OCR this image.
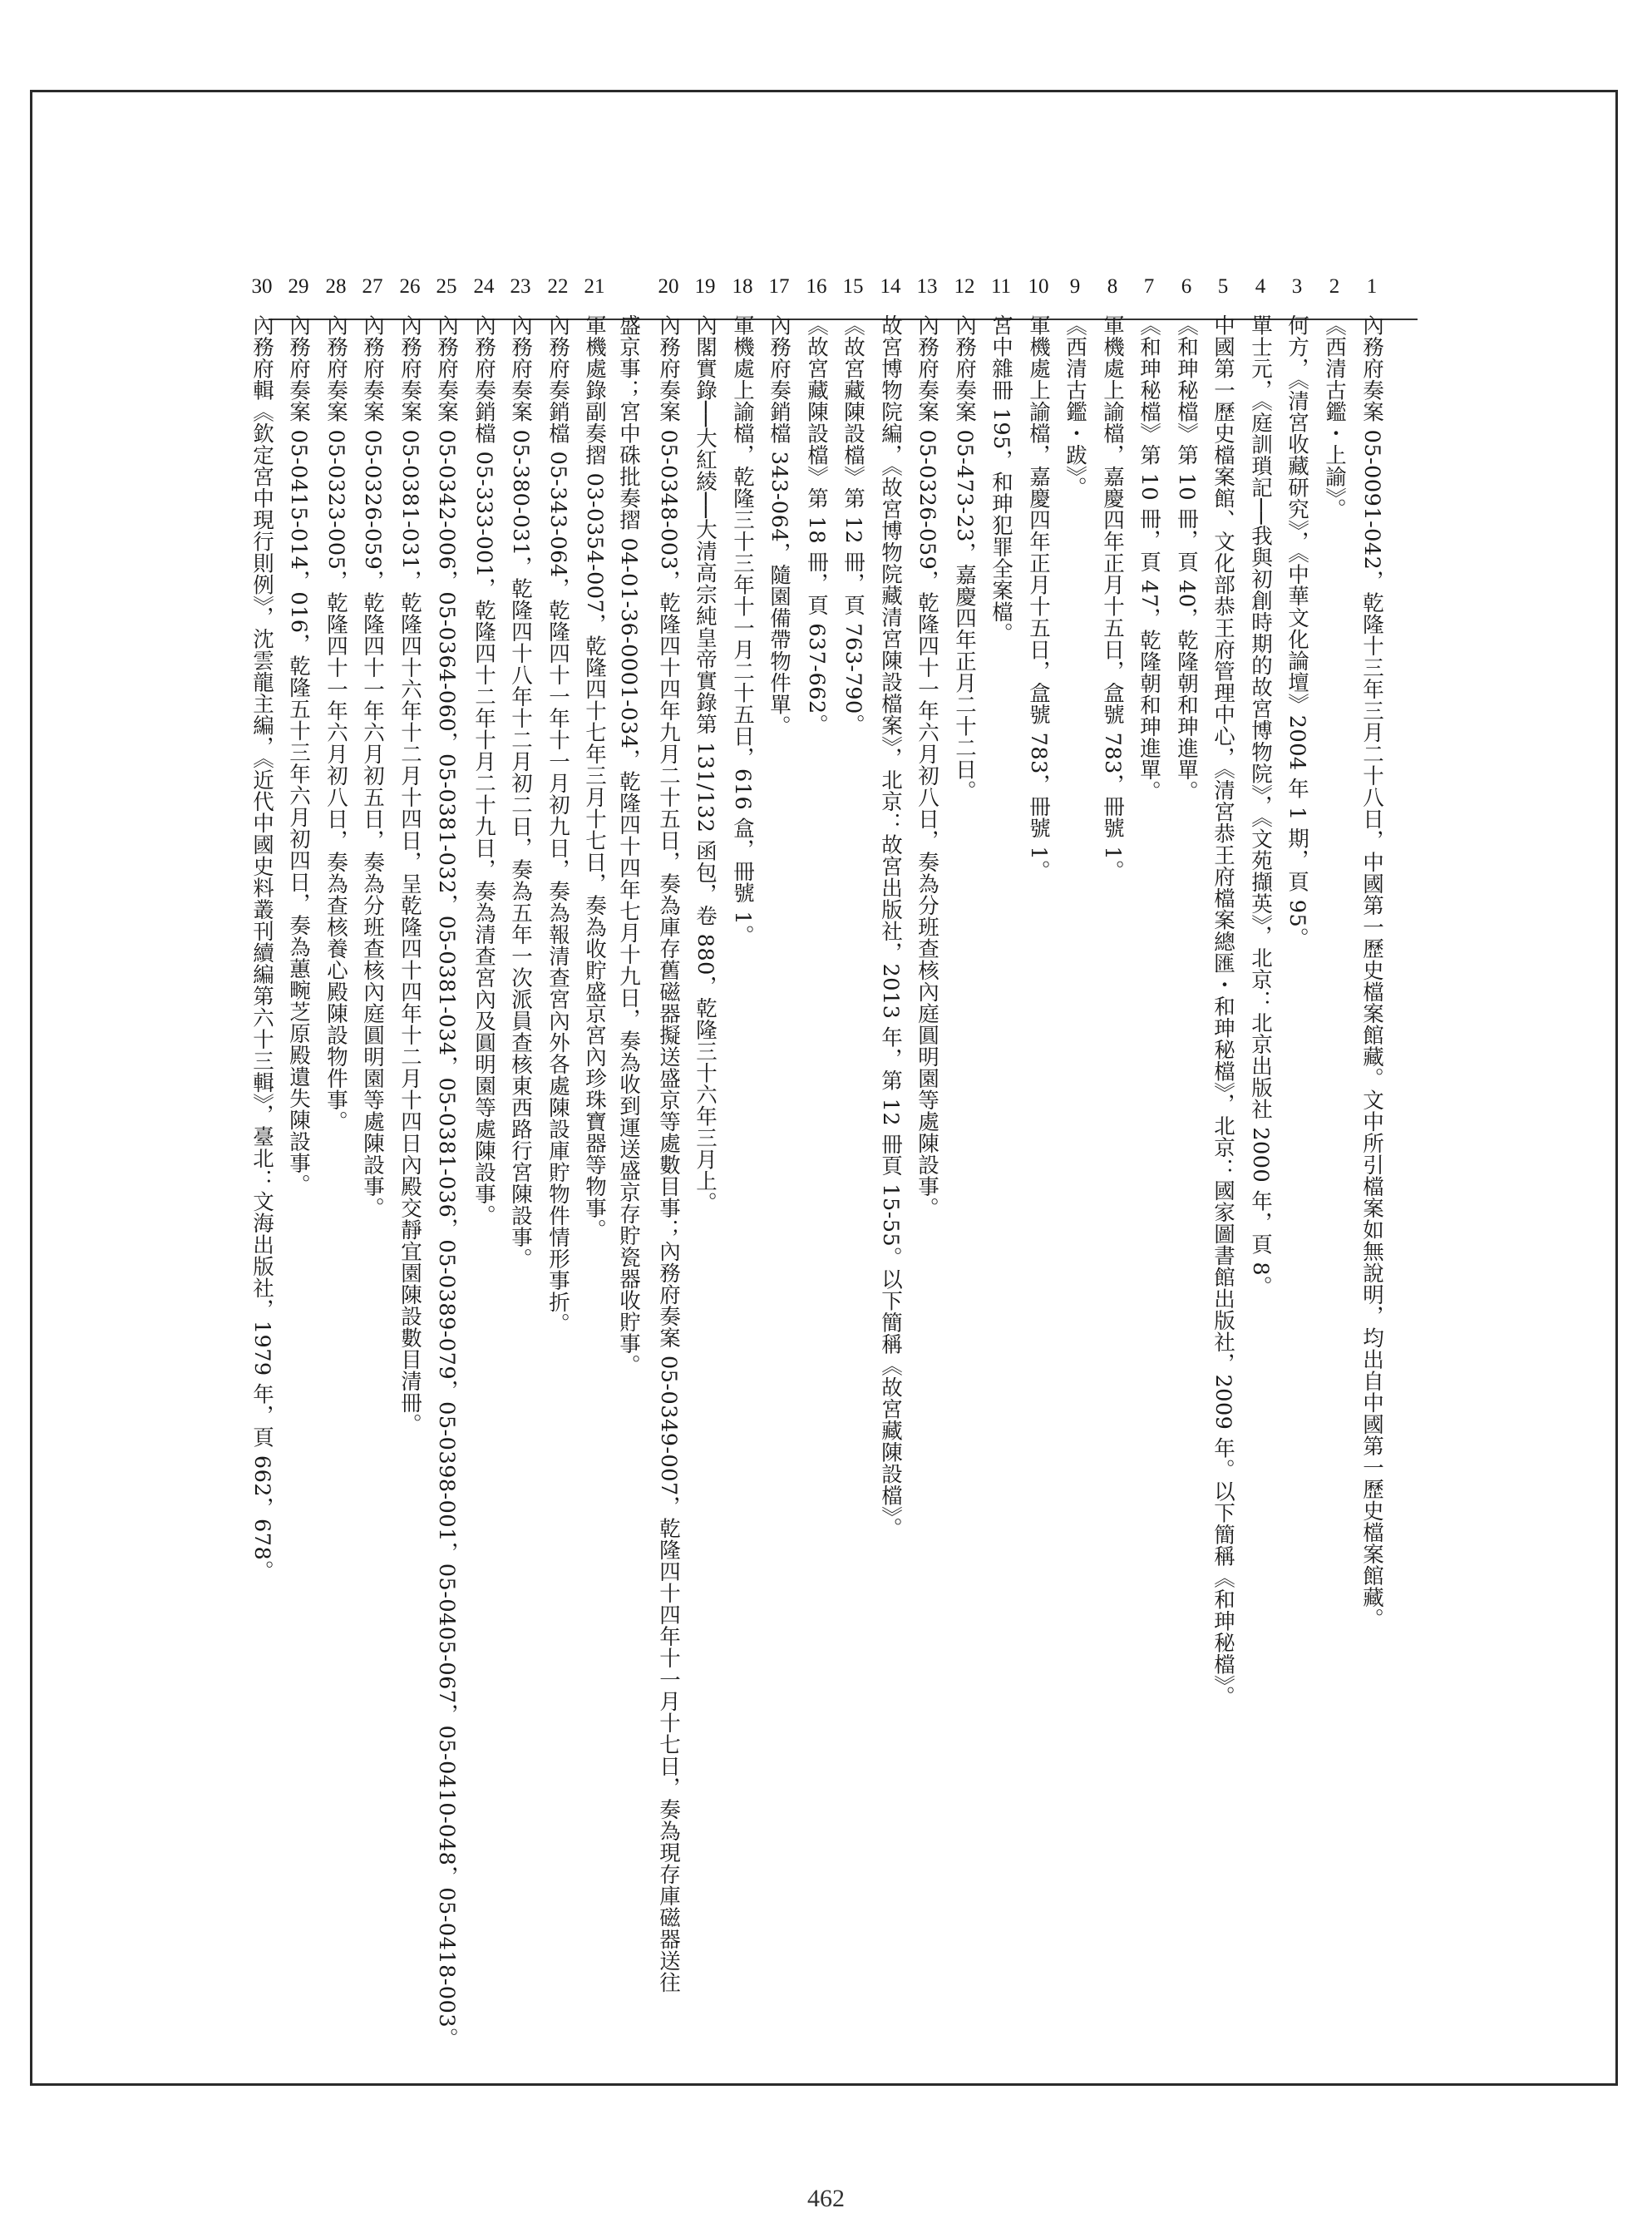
1
內務府奏案 05-0091-042，乾隆十三年三月二十八日，中國第一歷史檔案館藏。文中所引檔案如無說明，均出自中國第一歷史檔案館藏。
2
《西清古鑑・上諭》。
3
何方，《清宮收藏研究》，《中華文化論壇》2004 年 1 期，頁 95。
4
單士元，《庭訓瑣記──我與初創時期的故宮博物院》，《文苑擷英》，北京：北京出版社 2000 年，頁 8。
5
中國第一歷史檔案館、文化部恭王府管理中心，《清宮恭王府檔案總匯・和珅秘檔》，北京：國家圖書館出版社，2009 年。以下簡稱《和珅秘檔》。
6
《和珅秘檔》第 10 冊，頁 40，乾隆朝和珅進單。
7
《和珅秘檔》第 10 冊，頁 47，乾隆朝和珅進單。
8
軍機處上諭檔，嘉慶四年正月十五日，盒號 783，冊號 1。
9
《西清古鑑・跋》。
10
軍機處上諭檔，嘉慶四年正月十五日，盒號 783，冊號 1。
11
宮中雜冊 195，和珅犯罪全案檔。
12
內務府奏案 05-473-23，嘉慶四年正月二十二日。
13
內務府奏案 05-0326-059，乾隆四十一年六月初八日，奏為分班查核內庭圓明園等處陳設事。
14
故宮博物院編，《故宮博物院藏清宮陳設檔案》，北京：故宮出版社，2013 年，第 12 冊頁 15-55。以下簡稱《故宮藏陳設檔》。
15
《故宮藏陳設檔》第 12 冊，頁 763-790。
16
《故宮藏陳設檔》第 18 冊，頁 637-662。
17
內務府奏銷檔 343-064，隨園備帶物件單。
18
軍機處上諭檔，乾隆三十三年十一月二十五日，616 盒，冊號 1。
19
內閣實錄──大紅綾──大清高宗純皇帝實錄第 131/132 函包，卷 880，乾隆三十六年三月上。
20
內務府奏案 05-0348-003，乾隆四十四年九月二十五日，奏為庫存舊磁器擬送盛京等處數目事；內務府奏案 05-0349-007，乾隆四十四年十一月十七日，奏為現存庫磁器送往
盛京事；宮中硃批奏摺 04-01-36-0001-034，乾隆四十四年七月十九日，奏為收到運送盛京存貯瓷器收貯事。
21
軍機處錄副奏摺 03-0354-007，乾隆四十七年三月十七日，奏為收貯盛京宮內珍珠寶器等物事。
22
內務府奏銷檔 05-343-064，乾隆四十一年十一月初九日，奏為報清查宮內外各處陳設庫貯物件情形事折。
23
內務府奏案 05-380-031，乾隆四十八年十二月初二日，奏為五年一次派員查核東西路行宮陳設事。
24
內務府奏銷檔 05-333-001，乾隆四十二年十月二十九日，奏為清查宮內及圓明園等處陳設事。
25
內務府奏案 05-0342-006，05-0364-060，05-0381-032，05-0381-034，05-0381-036，05-0389-079，05-0398-001，05-0405-067，05-0410-048，05-0418-003。
26
內務府奏案 05-0381-031，乾隆四十六年十二月十四日，呈乾隆四十四年十二月十四日內殿交靜宜園陳設數目清冊。
27
內務府奏案 05-0326-059，乾隆四十一年六月初五日，奏為分班查核內庭圓明園等處陳設事。
28
內務府奏案 05-0323-005，乾隆四十一年六月初八日，奏為查核養心殿陳設物件事。
29
內務府奏案 05-0415-014，016，乾隆五十三年六月初四日，奏為蕙畹芝原殿遺失陳設事。
30
內務府輯《欽定宮中現行則例》，沈雲龍主編，《近代中國史料叢刊續編第六十三輯》，臺北：文海出版社，1979 年，頁 662，678。
462
